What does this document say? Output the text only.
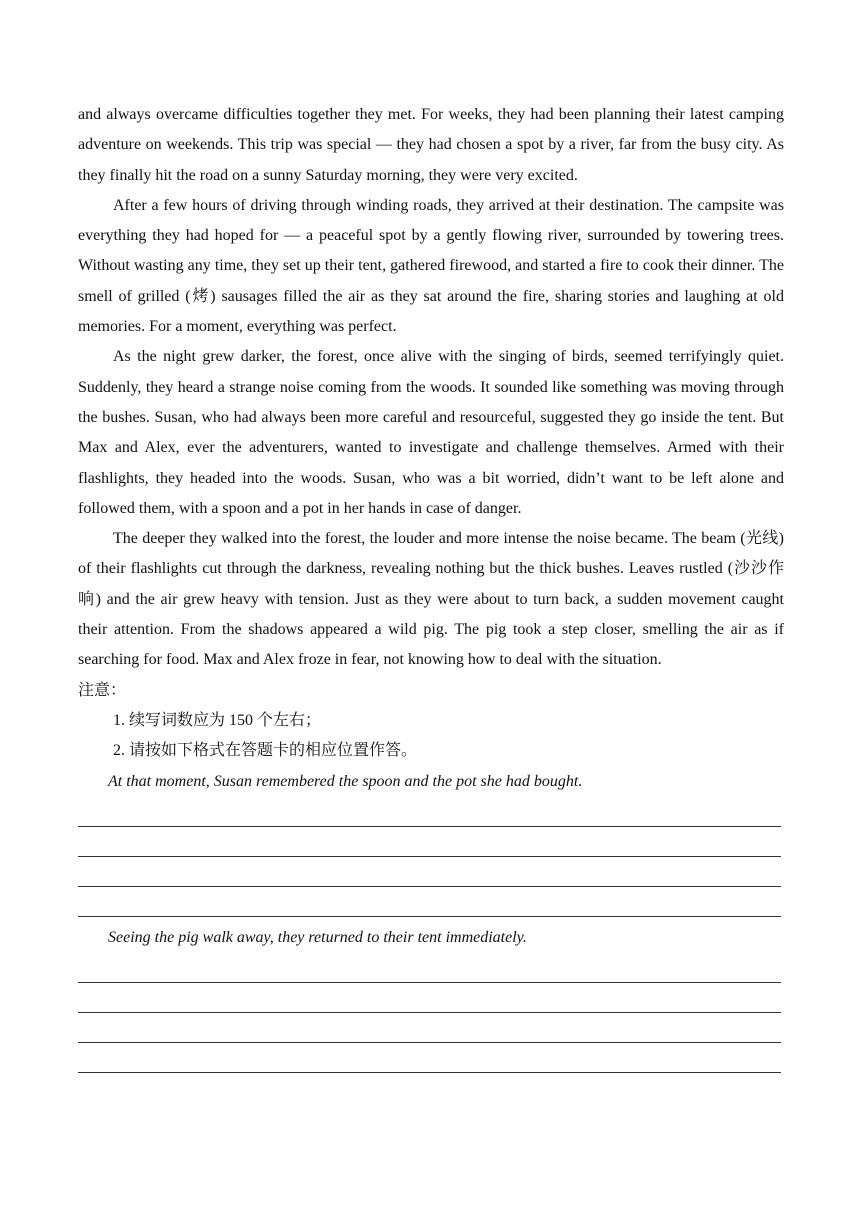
and always overcame difficulties together they met. For weeks, they had been planning their latest camping adventure on weekends. This trip was special — they had chosen a spot by a river, far from the busy city. As they finally hit the road on a sunny Saturday morning, they were very excited.

After a few hours of driving through winding roads, they arrived at their destination. The campsite was everything they had hoped for — a peaceful spot by a gently flowing river, surrounded by towering trees. Without wasting any time, they set up their tent, gathered firewood, and started a fire to cook their dinner. The smell of grilled (烤) sausages filled the air as they sat around the fire, sharing stories and laughing at old memories. For a moment, everything was perfect.

As the night grew darker, the forest, once alive with the singing of birds, seemed terrifyingly quiet. Suddenly, they heard a strange noise coming from the woods. It sounded like something was moving through the bushes. Susan, who had always been more careful and resourceful, suggested they go inside the tent. But Max and Alex, ever the adventurers, wanted to investigate and challenge themselves. Armed with their flashlights, they headed into the woods. Susan, who was a bit worried, didn’t want to be left alone and followed them, with a spoon and a pot in her hands in case of danger.

The deeper they walked into the forest, the louder and more intense the noise became. The beam (光线) of their flashlights cut through the darkness, revealing nothing but the thick bushes. Leaves rustled (沙沙作响) and the air grew heavy with tension. Just as they were about to turn back, a sudden movement caught their attention. From the shadows appeared a wild pig. The pig took a step closer, smelling the air as if searching for food. Max and Alex froze in fear, not knowing how to deal with the situation.

注意：

1. 续写词数应为 150 个左右；

2. 请按如下格式在答题卡的相应位置作答。

At that moment, Susan remembered the spoon and the pot she had bought.

Seeing the pig walk away, they returned to their tent immediately.
